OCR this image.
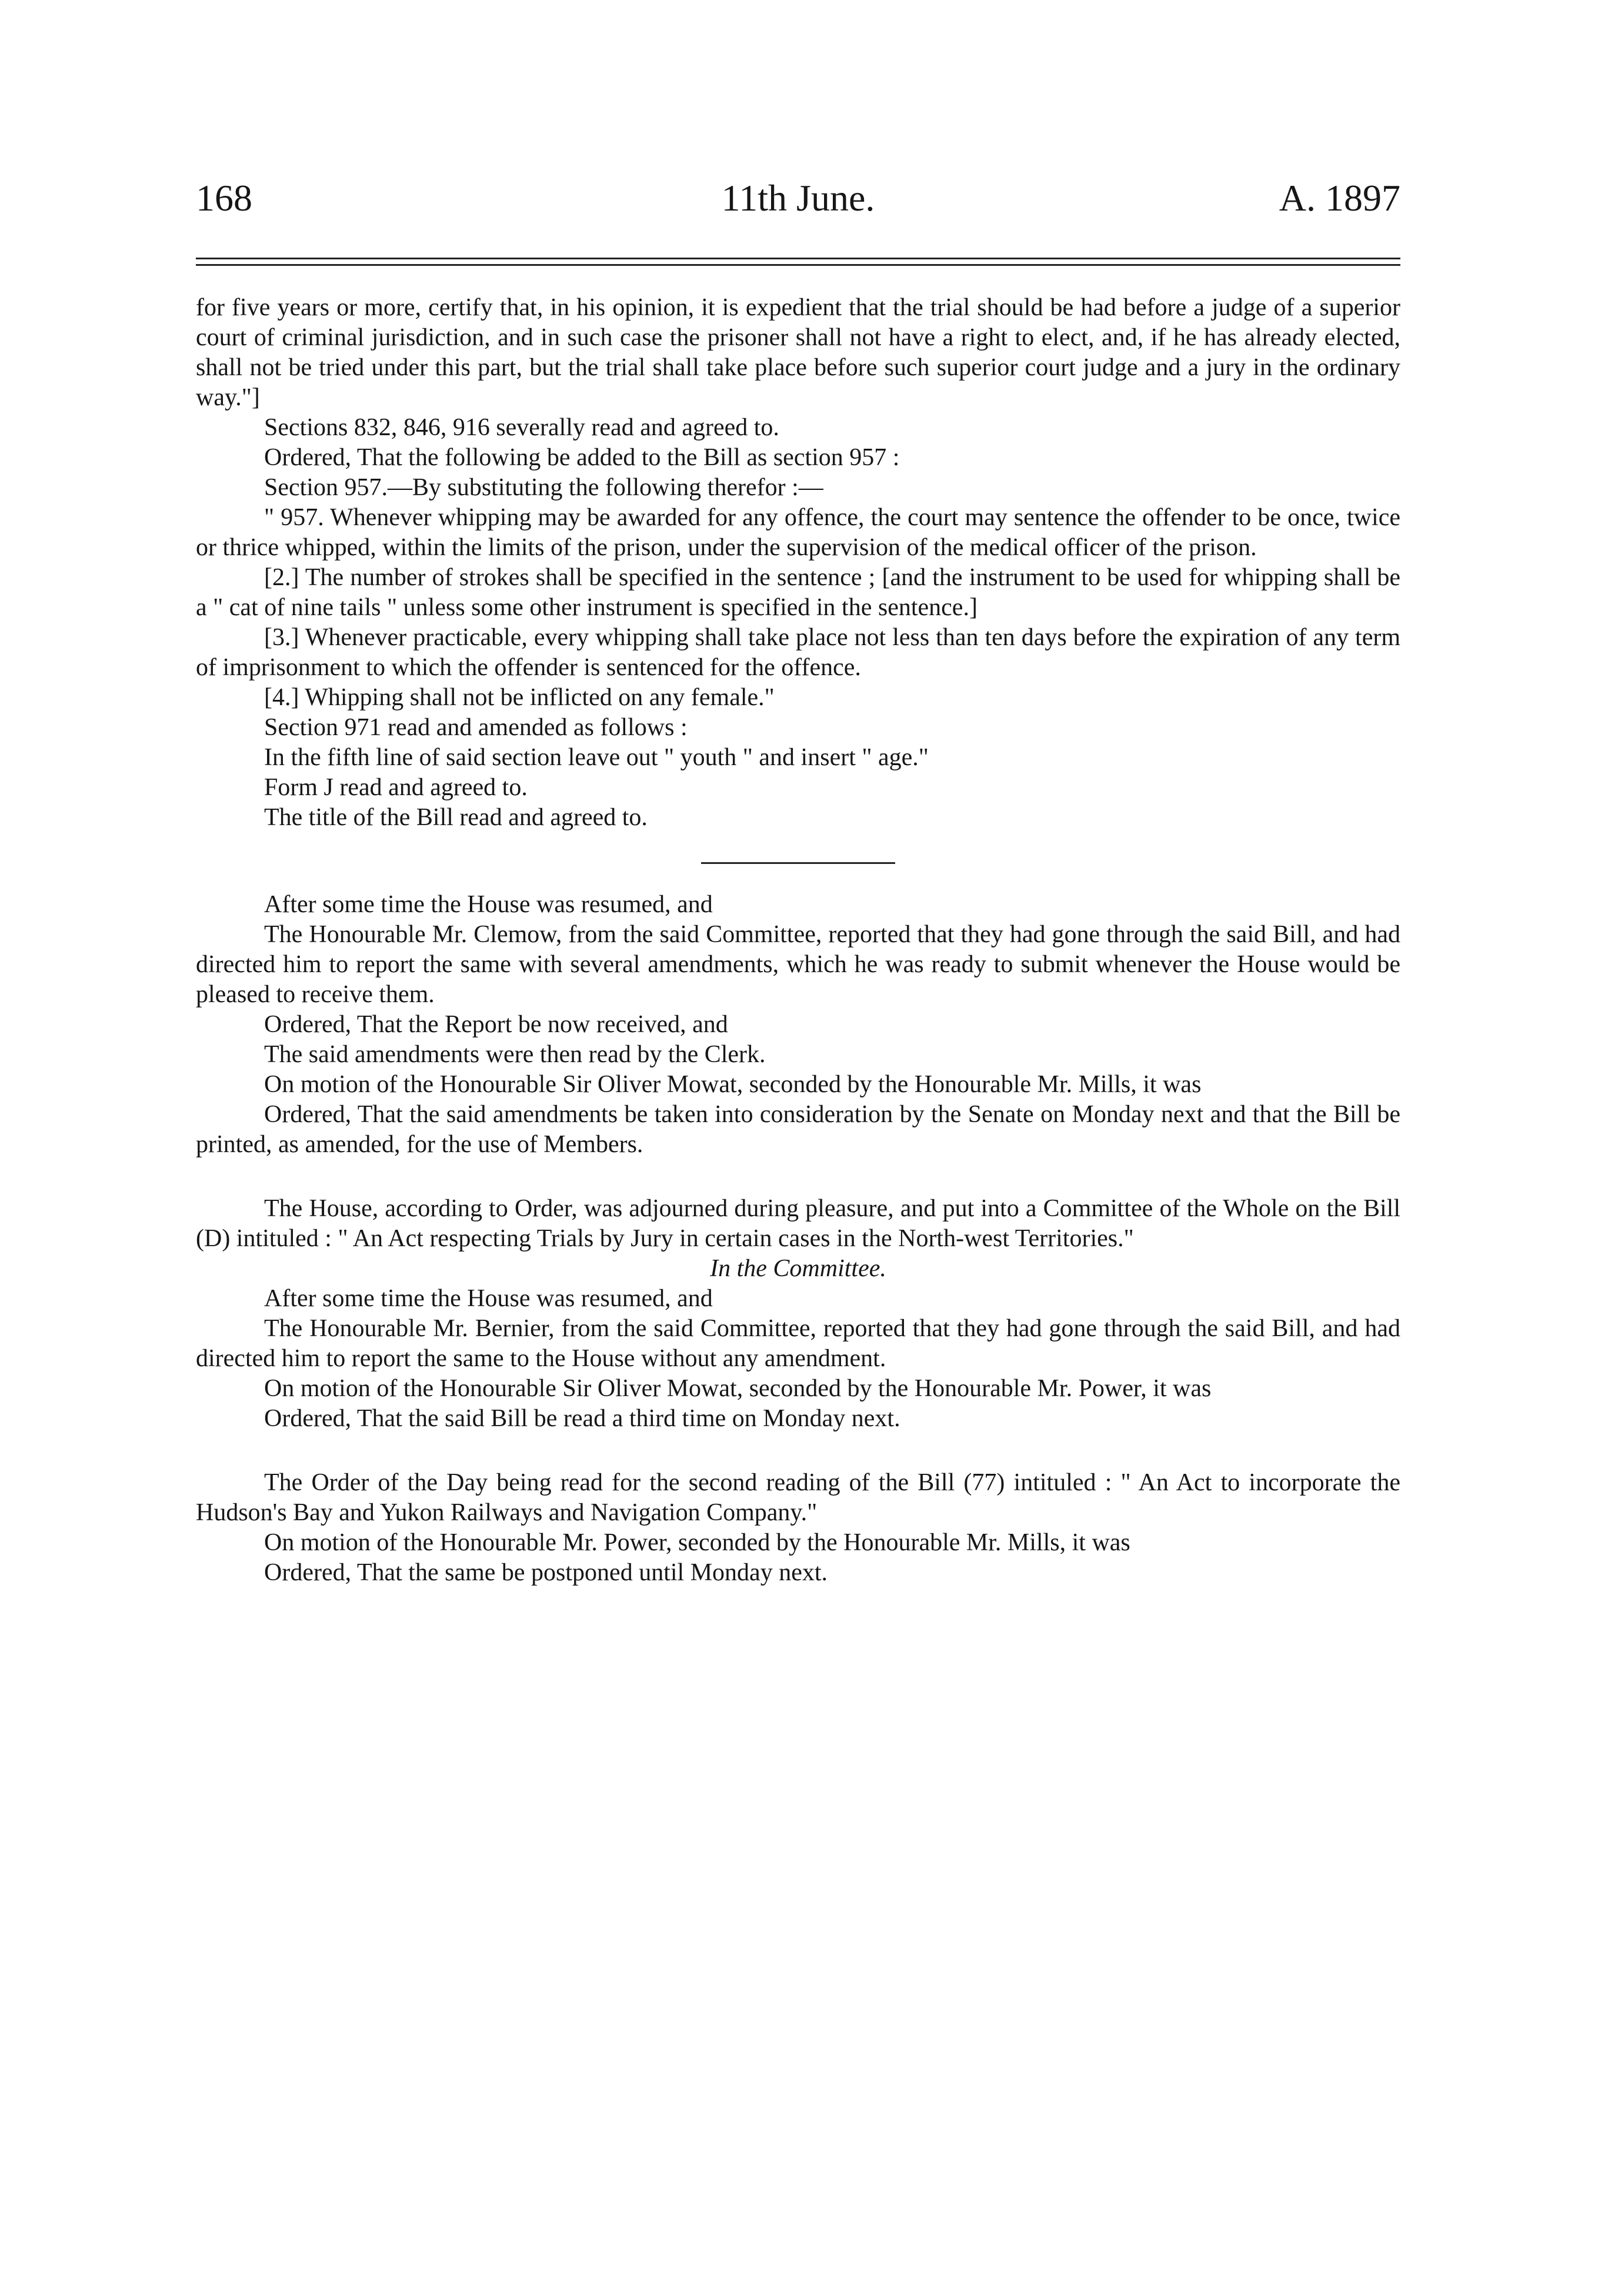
168	11th June.	A. 1897

for five years or more, certify that, in his opinion, it is expedient that the trial should be had before a judge of a superior court of criminal jurisdiction, and in such case the prisoner shall not have a right to elect, and, if he has already elected, shall not be tried under this part, but the trial shall take place before such superior court judge and a jury in the ordinary way."]

Sections 832, 846, 916 severally read and agreed to.

Ordered, That the following be added to the Bill as section 957 :

Section 957.—By substituting the following therefor :—

" 957. Whenever whipping may be awarded for any offence, the court may sentence the offender to be once, twice or thrice whipped, within the limits of the prison, under the supervision of the medical officer of the prison.

[2.] The number of strokes shall be specified in the sentence ; [and the instrument to be used for whipping shall be a " cat of nine tails " unless some other instrument is specified in the sentence.]

[3.] Whenever practicable, every whipping shall take place not less than ten days before the expiration of any term of imprisonment to which the offender is sentenced for the offence.

[4.] Whipping shall not be inflicted on any female."

Section 971 read and amended as follows :

In the fifth line of said section leave out " youth " and insert " age."

Form J read and agreed to.

The title of the Bill read and agreed to.

After some time the House was resumed, and

The Honourable Mr. Clemow, from the said Committee, reported that they had gone through the said Bill, and had directed him to report the same with several amendments, which he was ready to submit whenever the House would be pleased to receive them.

Ordered, That the Report be now received, and

The said amendments were then read by the Clerk.

On motion of the Honourable Sir Oliver Mowat, seconded by the Honourable Mr. Mills, it was

Ordered, That the said amendments be taken into consideration by the Senate on Monday next and that the Bill be printed, as amended, for the use of Members.

The House, according to Order, was adjourned during pleasure, and put into a Committee of the Whole on the Bill (D) intituled : " An Act respecting Trials by Jury in certain cases in the North-west Territories."

In the Committee.

After some time the House was resumed, and

The Honourable Mr. Bernier, from the said Committee, reported that they had gone through the said Bill, and had directed him to report the same to the House without any amendment.

On motion of the Honourable Sir Oliver Mowat, seconded by the Honourable Mr. Power, it was

Ordered, That the said Bill be read a third time on Monday next.

The Order of the Day being read for the second reading of the Bill (77) intituled : " An Act to incorporate the Hudson's Bay and Yukon Railways and Navigation Company."

On motion of the Honourable Mr. Power, seconded by the Honourable Mr. Mills, it was

Ordered, That the same be postponed until Monday next.
